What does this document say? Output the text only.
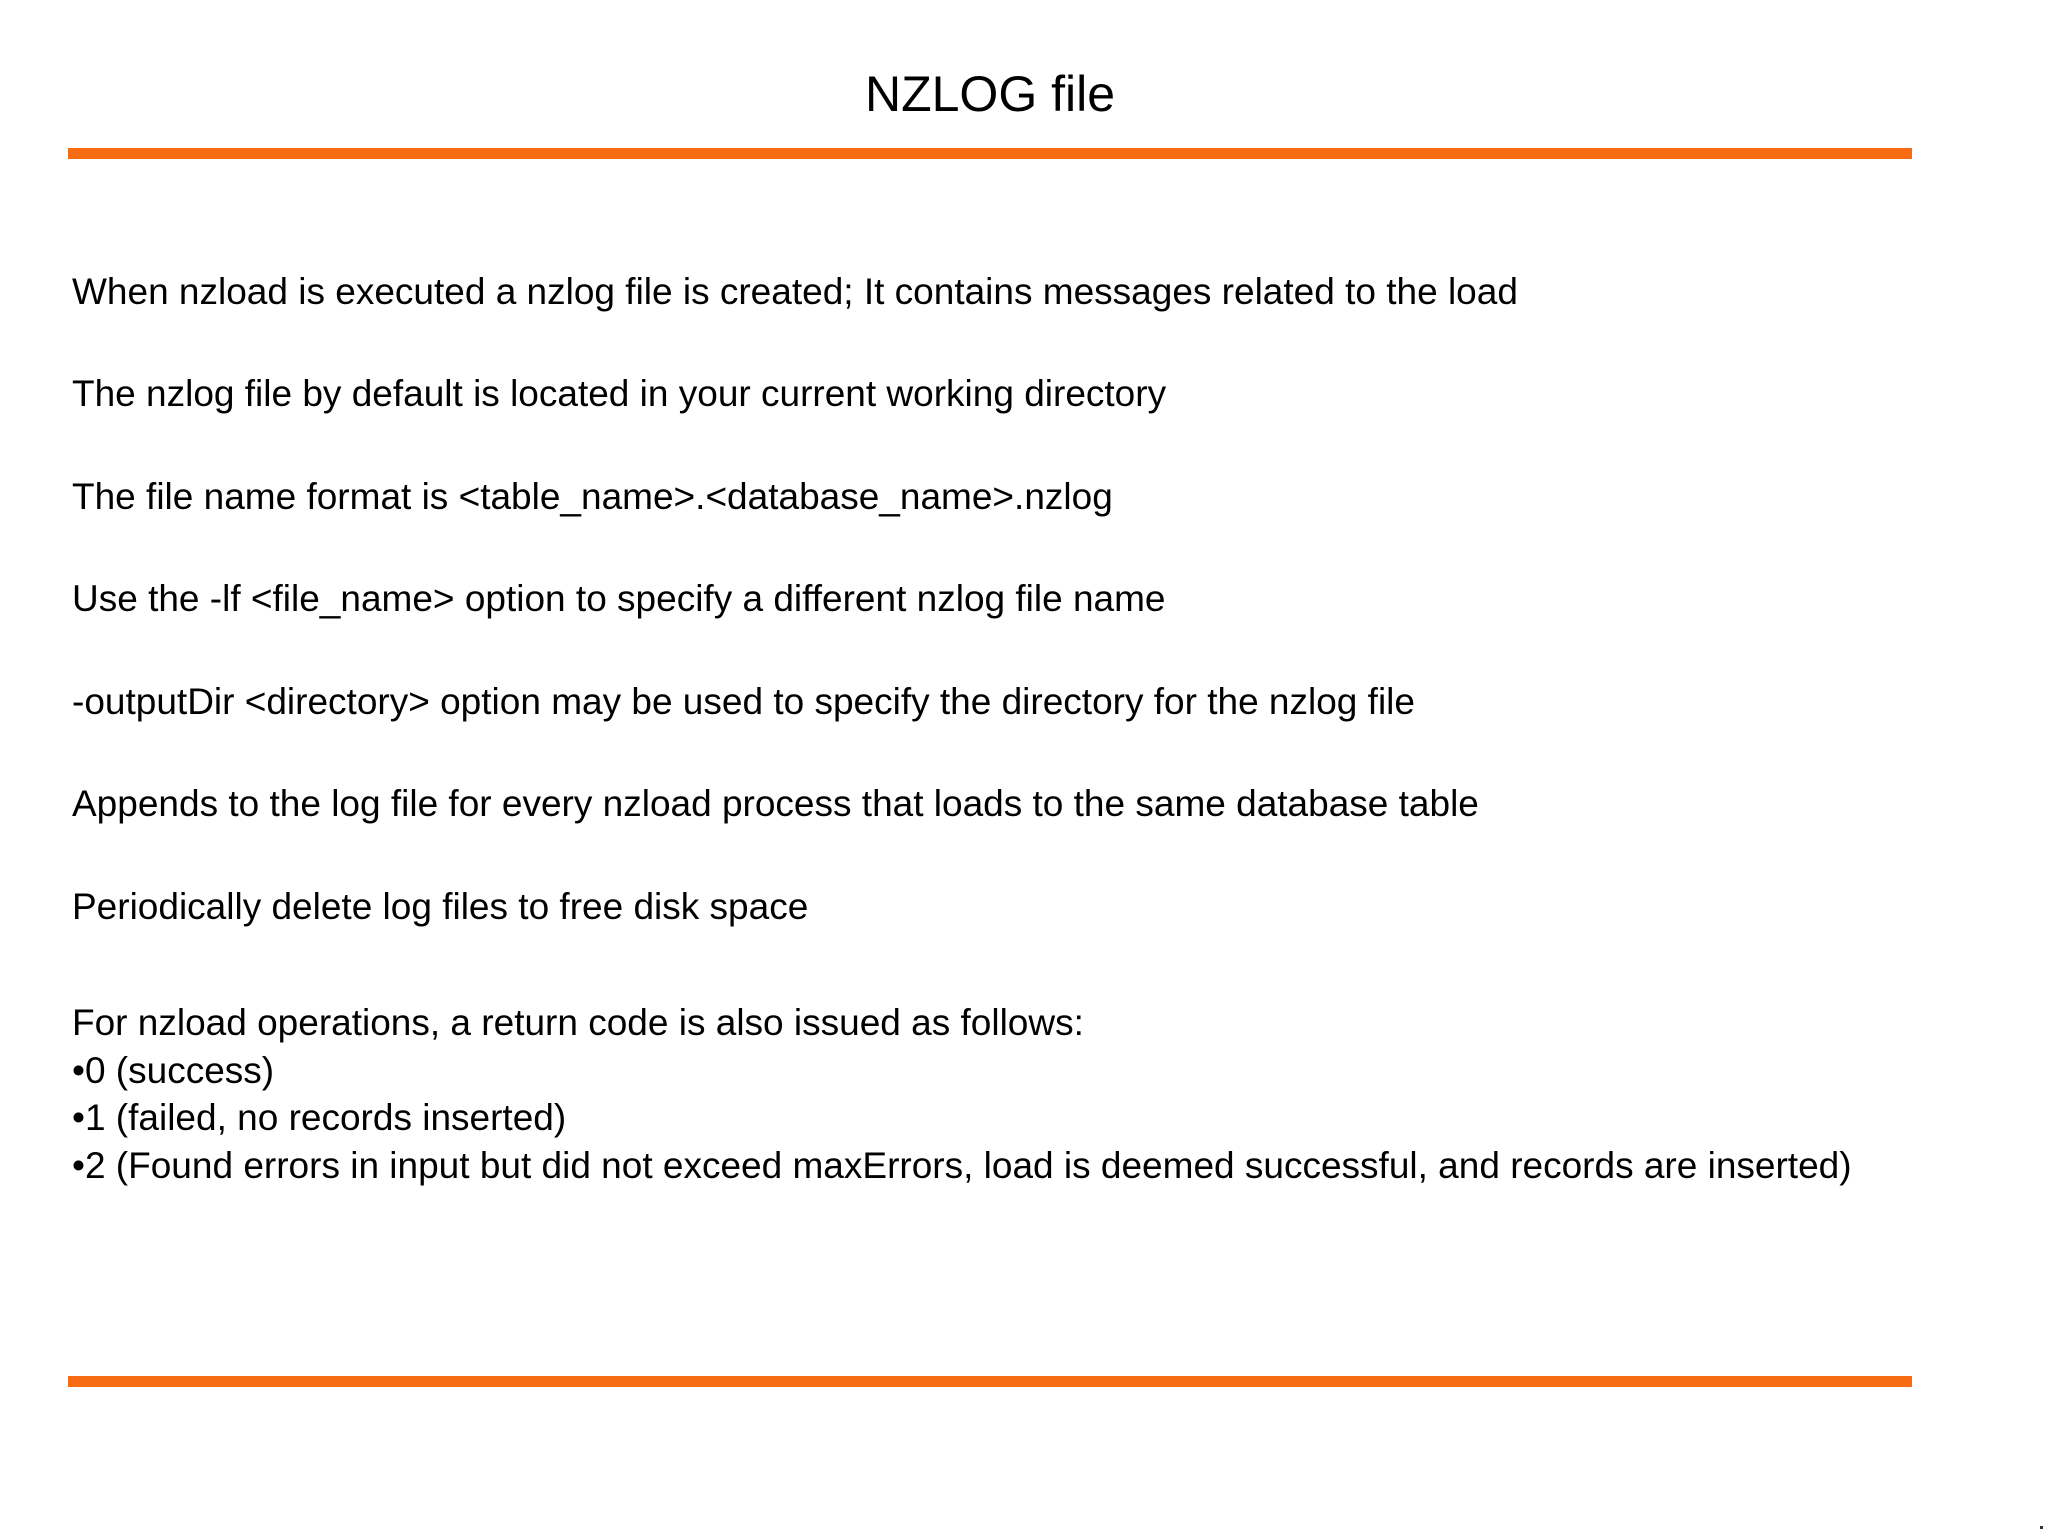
NZLOG file
When nzload is executed a nzlog file is created; It contains messages related to the load
The nzlog file by default is located in your current working directory
The file name format is <table_name>.<database_name>.nzlog
Use the -lf <file_name> option to specify a different nzlog file name
-outputDir <directory> option may be used to specify the directory for the nzlog file
Appends to the log file for every nzload process that loads to the same database table
Periodically delete log files to free disk space
For nzload operations, a return code is also issued as follows:
•0 (success)
•1 (failed, no records inserted)
•2 (Found errors in input but did not exceed maxErrors, load is deemed successful, and records are inserted)
